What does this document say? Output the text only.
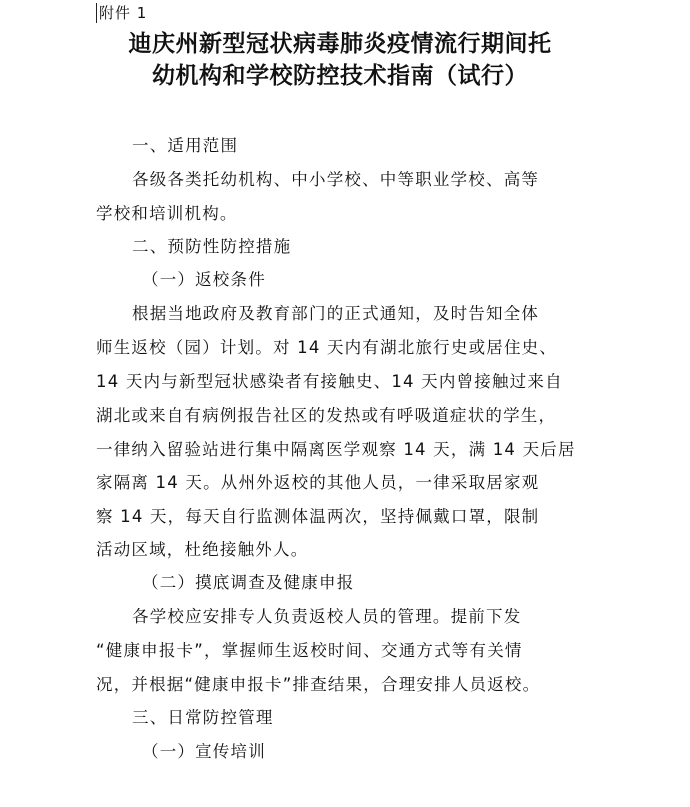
附件 1
迪庆州新型冠状病毒肺炎疫情流行期间托
幼机构和学校防控技术指南（试行）
一、适用范围
各级各类托幼机构、中小学校、中等职业学校、高等
学校和培训机构。
二、预防性防控措施
（一）返校条件
根据当地政府及教育部门的正式通知，及时告知全体
师生返校（园）计划。对 14 天内有湖北旅行史或居住史、
14 天内与新型冠状感染者有接触史、14 天内曾接触过来自
湖北或来自有病例报告社区的发热或有呼吸道症状的学生，
一律纳入留验站进行集中隔离医学观察 14 天，满 14 天后居
家隔离 14 天。从州外返校的其他人员，一律采取居家观
察 14 天，每天自行监测体温两次，坚持佩戴口罩，限制
活动区域，杜绝接触外人。
（二）摸底调查及健康申报
各学校应安排专人负责返校人员的管理。提前下发
“健康申报卡”，掌握师生返校时间、交通方式等有关情
况，并根据“健康申报卡”排查结果，合理安排人员返校。
三、日常防控管理
（一）宣传培训
